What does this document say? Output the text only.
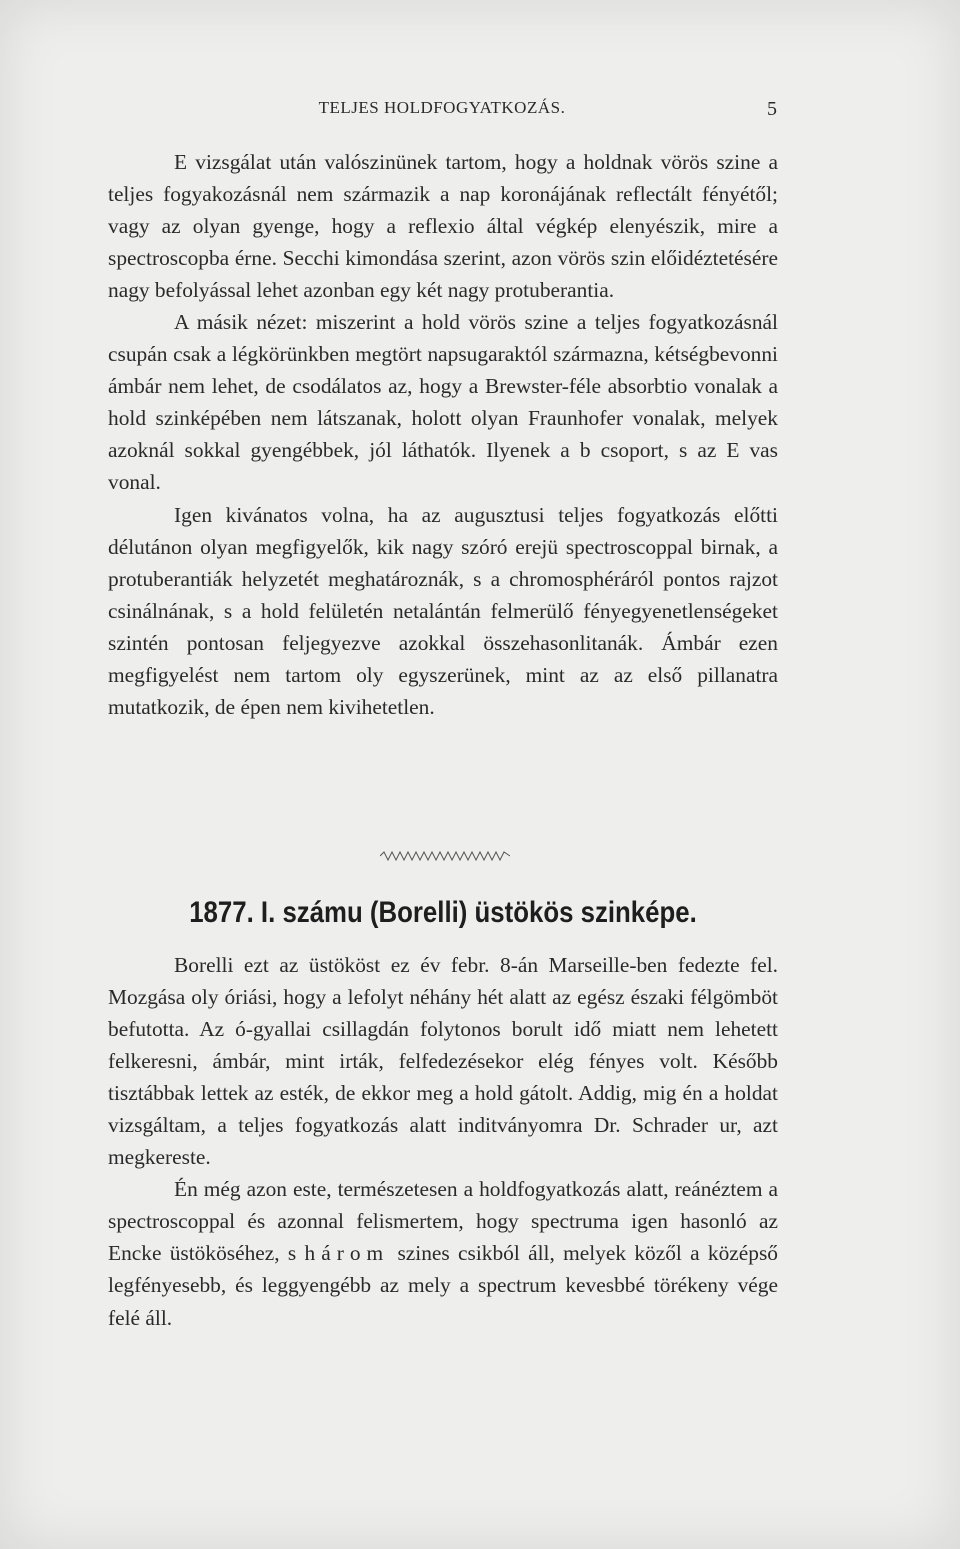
TELJES HOLDFOGYATKOZÁS.	5

E vizsgálat után valószinünek tartom, hogy a holdnak vörös szine a teljes fogyakozásnál nem származik a nap koronájának reflectált fényétől; vagy az olyan gyenge, hogy a reflexio által végkép elenyészik, mire a spectroscopba érne. Secchi kimondása szerint, azon vörös szin előidéztetésére nagy befolyással lehet azonban egy két nagy protuberantia.

A másik nézet: miszerint a hold vörös szine a teljes fogyatkozásnál csupán csak a légkörünkben megtört napsugaraktól származna, kétségbevonni ámbár nem lehet, de csodálatos az, hogy a Brewster-féle absorbtio vonalak a hold szinképében nem látszanak, holott olyan Fraunhofer vonalak, melyek azoknál sokkal gyengébbek, jól láthatók. Ilyenek a b csoport, s az E vas vonal.

Igen kivánatos volna, ha az augusztusi teljes fogyatkozás előtti délutánon olyan megfigyelők, kik nagy szóró erejü spectroscoppal birnak, a protuberantiák helyzetét meghatároznák, s a chromosphéráról pontos rajzot csinálnának, s a hold felületén netalántán felmerülő fényegyenetlenségeket szintén pontosan feljegyezve azokkal összehasonlitanák. Ámbár ezen megfigyelést nem tartom oly egyszerünek, mint az az első pillanatra mutatkozik, de épen nem kivihetetlen.

1877. I. számu (Borelli) üstökös szinképe.

Borelli ezt az üstököst ez év febr. 8-án Marseille-ben fedezte fel. Mozgása oly óriási, hogy a lefolyt néhány hét alatt az egész északi félgömböt befutotta. Az ó-gyallai csillagdán folytonos borult idő miatt nem lehetett felkeresni, ámbár, mint irták, felfedezésekor elég fényes volt. Később tisztábbak lettek az esték, de ekkor meg a hold gátolt. Addig, mig én a holdat vizsgáltam, a teljes fogyatkozás alatt inditványomra Dr. Schrader ur, azt megkereste.

Én még azon este, természetesen a holdfogyatkozás alatt, reánéztem a spectroscoppal és azonnal felismertem, hogy spectruma igen hasonló az Encke üstököséhez, s három szines csikból áll, melyek közől a középső legfényesebb, és leggyengébb az mely a spectrum kevesbbé törékeny vége felé áll.
